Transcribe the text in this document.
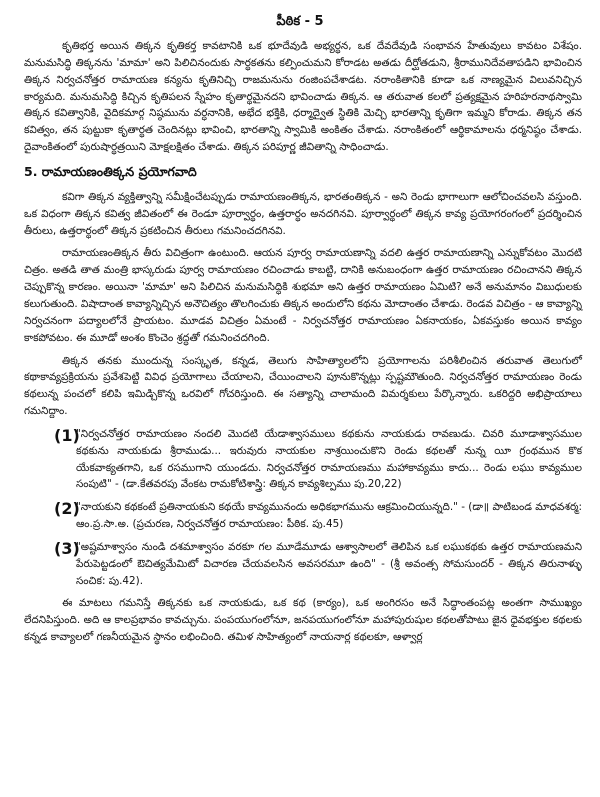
పీఠిక - 5

కృతిభర్త అయిన తిక్కన కృతికర్త కావటానికి ఒక భూదేవుడి అభ్యర్థన, ఒక దేవదేవుడి సంభావన హేతువులు కావటం విశేషం. మనుమసిద్ధి తిక్కనను 'మామా' అని పిలిచినందుకు సార్థకతను కల్పించుమని కోరాడట అతడు దీర్ఘోతడుని, శ్రీరామునిదేవతాపడిని భావించిన తిక్కన నిర్వచనోత్తర రామాయణ కన్యను కృతినిచ్చి రాజమనును రంజింపచేశాడట. నరాంకితానికి కూడా ఒక నాణ్యమైన విలువనిచ్చిన కార్యమది. మనుమసిద్ధి కిచ్చిన కృతిపలన స్నేహం కృతార్థమైనదని భావించాడు తిక్కన. ఆ తరువాత కలలో ప్రత్యక్షమైన హరిహరనాథస్వామి తిక్కన కవిత్వానికి, వైదికమార్గ నిష్ఠమును వర్ధనానికి, అభేద భక్తికి, ధర్మాద్వైత స్థితికి మెచ్చి భారతాన్ని కృతిగా ఇమ్మని కోరాడు. తిక్కన తన కవిత్వం, తన పుట్టుకా కృతార్థత చెందినట్లు భావించి, భారతాన్ని స్వామికి అంకితం చేశాడు. నరాంకితంలో ఆర్థికామాలను ధర్మనిష్ఠం చేశాడు. దైవాంకితంలో పురుషార్థత్రయిని మోక్షలక్షితం చేశాడు. తిక్కన పరిపూర్ణ జీవితాన్ని సాధించాడు.

5. రామాయణంతిక్కన ప్రయోగవాది

కవిగా తిక్కన వ్యక్తిత్వాన్ని సమీక్షించేటప్పుడు రామాయణంతిక్కన, భారతంతిక్కన - అని రెండు భాగాలుగా ఆలోచించవలసి వస్తుంది. ఒక విధంగా తిక్కన కవిత్వ జీవితంలో ఈ రెండూ పూర్వార్థం, ఉత్తరార్థం అనదగినవి. పూర్వార్థంలో తిక్కన కావ్య ప్రయోగరంగంలో ప్రదర్శించిన తీరులు, ఉత్తరార్థంలో తిక్కన ప్రకటించిన తీరులు గమనించదగినవి.

రామాయణంతిక్కన తీరు విచిత్రంగా ఉంటుంది. ఆయన పూర్వ రామాయణాన్ని వదలి ఉత్తర రామాయణాన్ని ఎన్నుకోవటం మొదటి చిత్రం. అతడి తాత మంత్రి భాస్కరుడు పూర్వ రామాయణం రచించాడు కాబట్టి, దానికి అనుబంధంగా ఉత్తర రామాయణం రచించానని తిక్కన చెప్పుకొన్న కారణం. అయినా 'మామా' అని పిలిచిన మనుమసిద్ధికి శుభమా అని ఉత్తర రామాయణం ఏమిటి? అనే అనుమానం విబుధులకు కలుగుతుంది. విషాదాంత కావ్యాన్నిచ్చిన అనౌచిత్యం తొలగించుకు తిక్కన అందులోని కథను మోదాంతం చేశాడు. రెండవ విచిత్రం - ఆ కావ్యాన్ని నిర్వచనంగా పద్యాలలోనే ప్రాయటం. మూడవ విచిత్రం ఏమంటే - నిర్వచనోత్తర రామాయణం ఏకనాయకం, ఏకవస్తుకం అయిన కావ్యం కాకపోవటం. ఈ మూడో అంశం కొంచెం శ్రద్ధతో గమనించదగింది.

తిక్కన తనకు ముందున్న సంస్కృత, కన్నడ, తెలుగు సాహిత్యాలలోని ప్రయోగాలను పరిశీలించిన తరువాత తెలుగులో కథాకావ్యప్రక్రియను ప్రవేశపెట్టి వివిధ ప్రయోగాలు చేయాలని, చేయించాలని పూనుకొన్నట్లు స్పష్టమౌతుంది. నిర్వచనోత్తర రామాయణం రెండు కథలున్న పంచలో కలిపి ఇమిడ్చికొన్న ఒరవిలో గోచరిస్తుంది. ఈ సత్యాన్ని చాలామంది విమర్శకులు పేర్కొన్నారు. ఒకరిద్దరి అభిప్రాయాలు గమనిద్దాం.

(1)

"నిర్వచనోత్తర రామాయణం నందలి మొదటి యేడాశ్వాసములు కథకును నాయకుడు రావణుడు. చివరి మూడాశ్వాసముల కథకును నాయకుడు శ్రీరాముడు... ఇరువురు నాయకుల నాశ్రయించుకొని రెండు కథలతో నున్న యీ గ్రంథమున కొక యేకవాక్యతగాని, ఒక రసముగాని యుండదు. నిర్వచనోత్తర రామాయణము మహాకావ్యము కాదు... రెండు లఘు కావ్యముల సంపుటి" - (డా.కేతవరపు వేంకట రామకోటిశాస్త్రి: తిక్కన కావ్యశిల్పము పు.20,22)

(2)

"నాయకుని కథకంటే ప్రతినాయకుని కథయే కావ్యమునందు అధికభాగమును ఆక్రమించియున్నది." - (డా॥ పాటిబండ మాధవశర్మ: ఆం.ప్ర.సా.అ. (ప్రచురణ, నిర్వచనోత్తర రామాయణం: పీఠిక. పు.45)

(3)

"అష్టమాశ్వాసం నుండి దశమాశ్వాసం వరకూ గల మూడేమూడు ఆశ్వాసాలలో తెలిపిన ఒక లఘుకథకు ఉత్తర రామాయణమని పేరుపెట్టడంలో ఔచిత్యమేమిటో విచారణ చేయవలసిన అవసరమూ ఉంది" - (శ్రీ అవంత్స సోమసుందర్ - తిక్కన తిరునాళ్ళు సంచిక: పు.42).

ఈ మాటలు గమనిస్తే తిక్కనకు ఒక నాయకుడు, ఒక కథ (కార్యం), ఒక అంగిరసం అనే సిద్ధాంతంపట్ల అంతగా సాముఖ్యం లేదనిపిస్తుంది. అది ఆ కాలప్రభావం కావచ్చును. పంపయుగంలోనూ, జనపయుగంలోనూ మహాపురుషుల కథలతోపాటు జైన ధైవభక్తుల కథలకు కన్నడ కావ్యాలలో గణనీయమైన స్థానం లభించింది. తమిళ సాహిత్యంలో నాయనార్ల కథలకూ, ఆళ్వార్ల
